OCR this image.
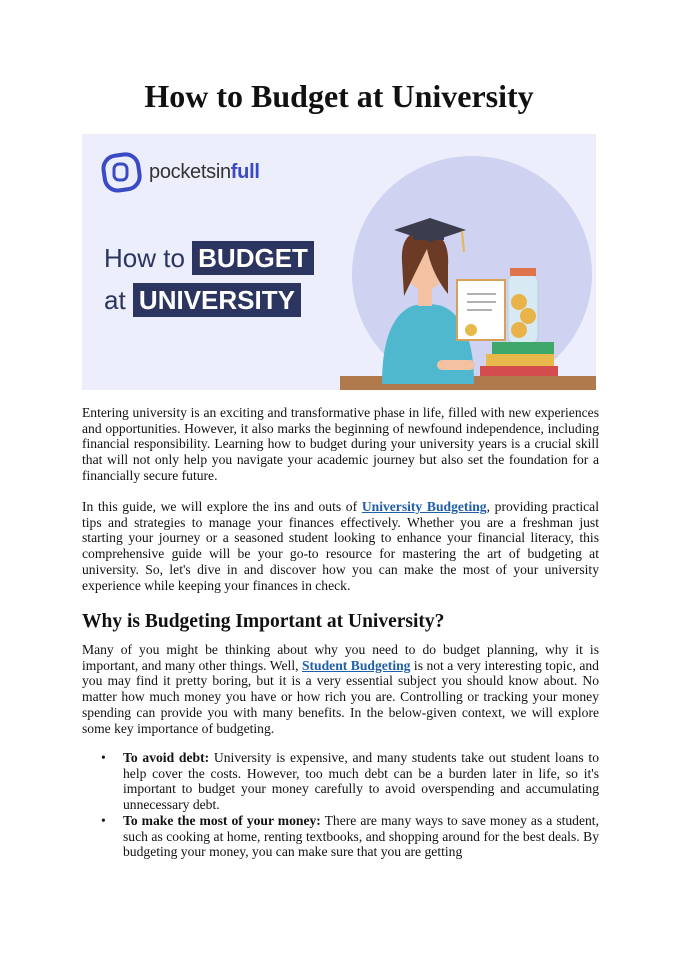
How to Budget at University
pocketsinfull
How to BUDGET
at UNIVERSITY

Entering university is an exciting and transformative phase in life, filled with new experiences and opportunities. However, it also marks the beginning of newfound independence, including financial responsibility. Learning how to budget during your university years is a crucial skill that will not only help you navigate your academic journey but also set the foundation for a financially secure future.

In this guide, we will explore the ins and outs of University Budgeting, providing practical tips and strategies to manage your finances effectively. Whether you are a freshman just starting your journey or a seasoned student looking to enhance your financial literacy, this comprehensive guide will be your go-to resource for mastering the art of budgeting at university. So, let's dive in and discover how you can make the most of your university experience while keeping your finances in check.

Why is Budgeting Important at University?

Many of you might be thinking about why you need to do budget planning, why it is important, and many other things. Well, Student Budgeting is not a very interesting topic, and you may find it pretty boring, but it is a very essential subject you should know about. No matter how much money you have or how rich you are. Controlling or tracking your money spending can provide you with many benefits. In the below-given context, we will explore some key importance of budgeting.

• To avoid debt: University is expensive, and many students take out student loans to help cover the costs. However, too much debt can be a burden later in life, so it's important to budget your money carefully to avoid overspending and accumulating unnecessary debt.
• To make the most of your money: There are many ways to save money as a student, such as cooking at home, renting textbooks, and shopping around for the best deals. By budgeting your money, you can make sure that you are getting
